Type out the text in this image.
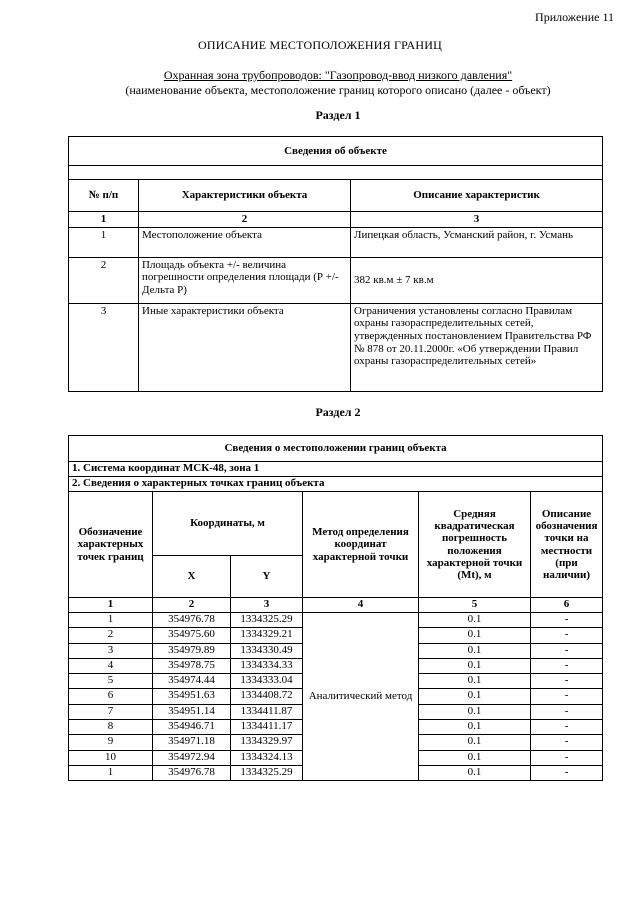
Приложение 11
ОПИСАНИЕ МЕСТОПОЛОЖЕНИЯ ГРАНИЦ
Охранная зона трубопроводов: "Газопровод-ввод низкого давления"
(наименование объекта, местоположение границ которого описано (далее - объект)
Раздел 1
Сведения об объекте		

№ п/п	Характеристики объекта	Описание характеристик
1	2	3
1	Местоположение объекта	Липецкая область, Усманский район, г. Усмань
2	Площадь объекта +/- величина погрешности определения площади (Р +/- Дельта Р)	382 кв.м ± 7 кв.м
3	Иные характеристики объекта	Ограничения установлены согласно Правилам охраны газораспределительных сетей, утвержденных постановлением Правительства РФ № 878 от 20.11.2000г. «Об утверждении Правил охраны газораспределительных сетей»
Раздел 2
Сведения о местоположении границ объекта					
1. Система координат МСК-48, зона 1					
2. Сведения о характерных точках границ объекта					
Обозначение характерных точек границ	Координаты, м		Метод определения координат характерной точки	Средняя квадратическая погрешность положения характерной точки (Mt), м	Описание обозначения точки на местности (при наличии)
	X	Y			
1	2	3	4	5	6
1	354976.78	1334325.29	Аналитический метод	0.1	-
2	354975.60	1334329.21		0.1	-
3	354979.89	1334330.49		0.1	-
4	354978.75	1334334.33		0.1	-
5	354974.44	1334333.04		0.1	-
6	354951.63	1334408.72		0.1	-
7	354951.14	1334411.87		0.1	-
8	354946.71	1334411.17		0.1	-
9	354971.18	1334329.97		0.1	-
10	354972.94	1334324.13		0.1	-
1	354976.78	1334325.29		0.1	-
